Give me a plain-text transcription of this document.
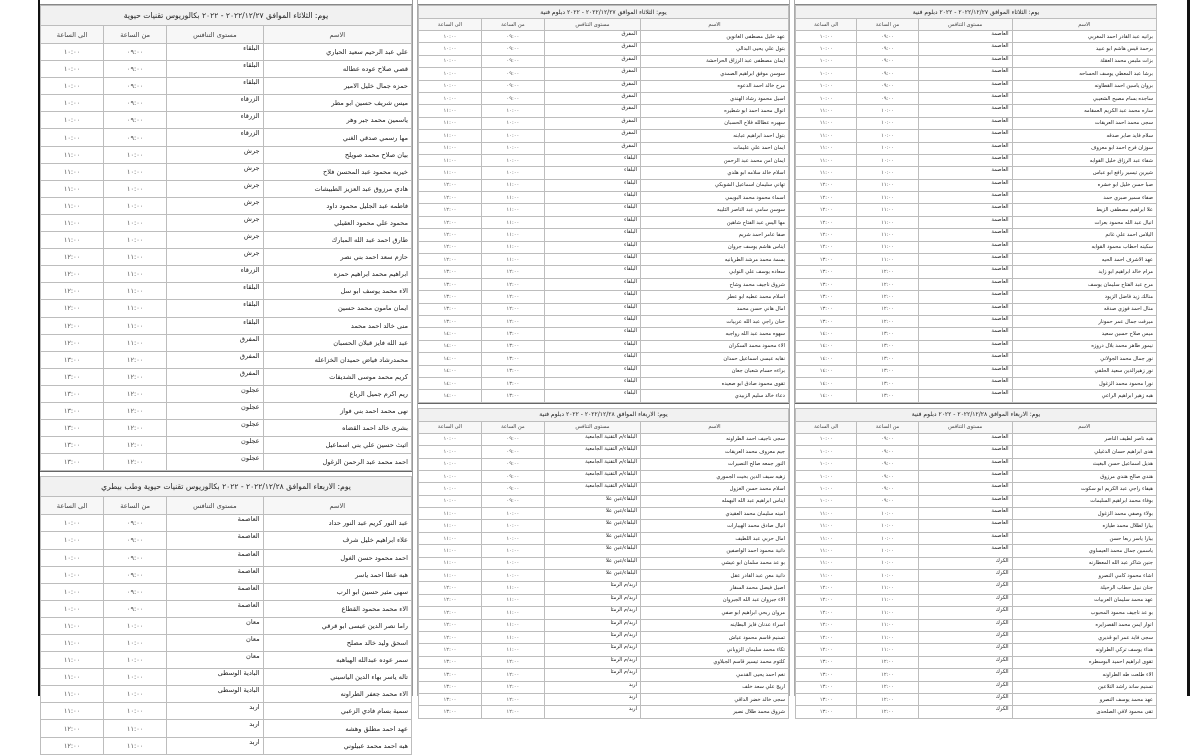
يوم: الثلاثاء الموافق ٢٠٢٢/١٢/٢٧ - ٢٠٢٢ بكالوريوس تقنيات حيوية			
الاسم	مستوى التنافس	من الساعة	الى الساعة
علي عبد الرحيم سعيد الحياري	البلقاء	٠٩:٠٠	١٠:٠٠
قصي صلاح عوده عطاله	البلقاء	٠٩:٠٠	١٠:٠٠
حمزه جمال خليل الامير	البلقاء	٠٩:٠٠	١٠:٠٠
ميس شريف حسين ابو مطر	الزرقاء	٠٩:٠٠	١٠:٠٠
ياسمين محمد جبر وهر	الزرقاء	٠٩:٠٠	١٠:٠٠
مها رسمي صدقي الغني	الزرقاء	٠٩:٠٠	١٠:٠٠
بيان صلاح محمد صويلح	جرش	١٠:٠٠	١١:٠٠
خيريه محمود عبد المحسن فلاح	جرش	١٠:٠٠	١١:٠٠
هادي مرزوق عبد العزيز الطبيشات	جرش	١٠:٠٠	١١:٠٠
فاطمه عبد الجليل محمود داود	جرش	١٠:٠٠	١١:٠٠
محمود علي محمود العقيلي	جرش	١٠:٠٠	١١:٠٠
طارق احمد عبد الله المبارك	جرش	١٠:٠٠	١١:٠٠
حازم سعد احمد بني نصر	جرش	١١:٠٠	١٢:٠٠
ابراهيم محمد ابراهيم حمزه	الزرقاء	١١:٠٠	١٢:٠٠
الاء محمد يوسف ابو سل	البلقاء	١١:٠٠	١٢:٠٠
ايمان مامون محمد حسين	البلقاء	١١:٠٠	١٢:٠٠
منى خالد احمد محمد	البلقاء	١١:٠٠	١٢:٠٠
عبد الله فايز قبلان الحسبان	المفرق	١١:٠٠	١٢:٠٠
محمدرشاد فياض حميدان الخزاعله	المفرق	١٢:٠٠	١٣:٠٠
كريم محمد موسى الشديفات	المفرق	١٢:٠٠	١٣:٠٠
ريم اكرم جميل الرباع	عجلون	١٢:٠٠	١٣:٠٠
نهى محمد احمد بني فواز	عجلون	١٢:٠٠	١٣:٠٠
بشرى خالد احمد القضاه	عجلون	١٢:٠٠	١٣:٠٠
اثيث حسين علي بني اسماعيل	عجلون	١٢:٠٠	١٣:٠٠
احمد محمد عبد الرحمن الزغول	عجلون	١٢:٠٠	١٣:٠٠
يوم: الاربعاء الموافق ٢٠٢٢/١٢/٢٨ - ٢٠٢٢ بكالوريوس تقنيات حيوية وطب بيطري			
الاسم	مستوى التنافس	من الساعة	الى الساعة
عبد النور كريم عبد النور حداد	العاصمة	٠٩:٠٠	١٠:٠٠
علاء ابراهيم خليل شرف	العاصمة	٠٩:٠٠	١٠:٠٠
احمد محمود حسن الغول	العاصمة	٠٩:٠٠	١٠:٠٠
هبه عطا احمد ياسر	العاصمة	٠٩:٠٠	١٠:٠٠
سهى مثير حسين ابو الرب	العاصمة	٠٩:٠٠	١٠:٠٠
الاء محمد محمود القطاع	العاصمة	٠٩:٠٠	١٠:٠٠
راما نصر الدين عيسى ابو قرقي	معان	١٠:٠٠	١١:٠٠
اسحق وليد خالد مصلح	معان	١٠:٠٠	١١:٠٠
سمر عوده عبدالله الهباهبه	معان	١٠:٠٠	١١:٠٠
تاله ياسر بهاء الدين الياسيني	البادية الوسطى	١٠:٠٠	١١:٠٠
الاء محمد جعفر الطراونه	البادية الوسطى	١٠:٠٠	١١:٠٠
سمية بسام فادي الزعبي	اربد	١٠:٠٠	١١:٠٠
عهد احمد مطلق وهشه	اربد	١١:٠٠	١٢:٠٠
هبه احمد محمد عبيلوني	اربد	١١:٠٠	١٢:٠٠
يوم: الثلاثاء الموافق ٢٠٢٢/١٢/٢٧ - ٢٠٢٢ دبلوم فنية			
الاسم	مستوى التنافس	من الساعة	الى الساعة
عهد خليل مصطفى الغانوين	المفرق	٠٩:٠٠	١٠:٠٠
بتول علي يحيى البدالي	المفرق	٠٩:٠٠	١٠:٠٠
ايمان مصطفى عبد الرزاق الحراحشة	المفرق	٠٩:٠٠	١٠:٠٠
سوسن موفق ابراهيم الصمدي	المفرق	٠٩:٠٠	١٠:٠٠
مرح خالد احمد الدعوه	المفرق	٠٩:٠٠	١٠:٠٠
اسيل محمود رشاد الهندي	المفرق	٠٩:٠٠	١٠:٠٠
انوال محمد احمد ابو شطيره	المفرق	١٠:٠٠	١١:٠٠
سهيره عطالله فلاح الحسبان	المفرق	١٠:٠٠	١١:٠٠
بتول احمد ابراهيم عبابنه	المفرق	١٠:٠٠	١١:٠٠
ايمان احمد علي عليمات	المفرق	١٠:٠٠	١١:٠٠
ايمان امن محمد عبد الرحمن	البلقاء	١٠:٠٠	١١:٠٠
اسلام خالد سلامه ابو هلدي	البلقاء	١٠:٠٠	١١:٠٠
تهاني سليمان اسماعيل الشوبكي	البلقاء	١١:٠٠	١٢:٠٠
اسماء محمود محمد البويمي	البلقاء	١١:٠٠	١٢:٠٠
سوسن سامي عبد الناصر الثليبه	البلقاء	١١:٠٠	١٢:٠٠
مها اليس عبد الفتاح شاهين	البلقاء	١١:٠٠	١٢:٠٠
صفا عامر احمد شريم	البلقاء	١١:٠٠	١٢:٠٠
ايناس هاشم يوسف جروان	البلقاء	١١:٠٠	١٢:٠٠
بسمة محمد مرشد الطريانيه	البلقاء	١١:٠٠	١٢:٠٠
سعاده يوسف علي النوابي	البلقاء	١٢:٠٠	١٣:٠٠
شروق ناجيف محمد وشاح	البلقاء	١٢:٠٠	١٣:٠٠
اسلام محمد عطيه ابو عطر	البلقاء	١٢:٠٠	١٣:٠٠
امال هاني حسن محمد	البلقاء	١٢:٠٠	١٣:٠٠
حنان راجي عبد الله عربيات	البلقاء	١٢:٠٠	١٣:٠٠
سهوه محمد عبد الله رواجبه	البلقاء	١٣:٠٠	١٤:٠٠
الاء محمود محمد السكران	البلقاء	١٣:٠٠	١٤:٠٠
نقابه عيسى اسماعيل حمدان	البلقاء	١٣:٠٠	١٤:٠٠
براءه حسام شعبان جعان	البلقاء	١٣:٠٠	١٤:٠٠
تقوى محمود صادق ابو صعيده	البلقاء	١٣:٠٠	١٤:٠٠
دعاء خالد سليم الزبيدي	البلقاء	١٣:٠٠	١٤:٠٠
يوم: الاربعاء الموافق ٢٠٢٢/١٢/٢٨ - ٢٠٢٢ دبلوم فنية			
الاسم	مستوى التنافس	من الساعة	الى الساعة
سجى ناجيف احمد الطراونه	البلقاء/م التقنية الجامعية	٠٩:٠٠	١٠:٠٠
جيم معروف محمد العريقات	البلقاء/م التقنية الجامعية	٠٩:٠٠	١٠:٠٠
النور جمعه صالح النصيرات	البلقاء/م التقنية الجامعية	٠٩:٠٠	١٠:٠٠
زهيه سيف الدين بخيت الجموري	البلقاء/م التقنية الجامعية	٠٩:٠٠	١٠:٠٠
اسلام محمد حسن الغزول	البلقاء/م التقنية الجامعية	٠٩:٠٠	١٠:٠٠
ايناس ابراهيم عبد الله البهمله	البلقاء/عين علا	٠٩:٠٠	١٠:٠٠
امينه سليمان محمد العقيدي	البلقاء/عين علا	١٠:٠٠	١١:٠٠
انيال صادق محمد الهيبارات	البلقاء/عين علا	١٠:٠٠	١١:٠٠
امال حربي عبد اللطيف	البلقاء/عين علا	١٠:٠٠	١١:٠٠
دانية محمود احمد الواصفين	البلقاء/عين علا	١٠:٠٠	١١:٠٠
بو عد محمد سلمان ابو عيشي	البلقاء/عين علا	١٠:٠٠	١١:٠٠
دانية معن عبد القادر عقل	البلقاء/عين علا	١٠:٠٠	١١:٠٠
اصيل فيصل محمد السقار	اربد/م الرمثا	١١:٠٠	١٢:٠٠
الاء جبروان عبد الله الجبروان	اربد/م الرمثا	١١:٠٠	١٢:٠٠
مروان ربحي ابراهيم ابو صفي	اربد/م الرمثا	١١:٠٠	١٢:٠٠
اسراء عدنان فايز البطاينه	اربد/م الرمثا	١١:٠٠	١٢:٠٠
تسنيم قاسم محمود عياش	اربد/م الرمثا	١١:٠٠	١٢:٠٠
تكاء محمد سليمان الزوباني	اربد/م الرمثا	١١:٠٠	١٢:٠٠
كلثوم محمد تيسير قاسم الجبلاوي	اربد/م الرمثا	١٢:٠٠	١٣:٠٠
نغم احمد يحيى القدمي	اربد/م الرمثا	١٢:٠٠	١٣:٠٠
اريج علي سعد خلف	اربد	١٢:٠٠	١٣:٠٠
سجى خالد خضر الداقي	اربد	١٢:٠٠	١٣:٠٠
شروق محمد طلال نصير	اربد	١٢:٠٠	١٣:٠٠
يوم: الثلاثاء الموافق ٢٠٢٢/١٢/٢٧ - ٢٠٢٢ دبلوم فنية			
الاسم	مستوى التنافس	من الساعة	الى الساعة
برانيه عبد القادر احمد المغربي	العاصمة	٠٩:٠٠	١٠:٠٠
برحمة قيس هاشم ابو عبيد	العاصمة	٠٩:٠٠	١٠:٠٠
بزات ملبس محمد العقلة	العاصمة	٠٩:٠٠	١٠:٠٠
برشا عبد المعطي يوسف الحساحه	العاصمة	٠٩:٠٠	١٠:٠٠
بروان ياسين احمد القطاونه	العاصمة	٠٩:٠٠	١٠:٠٠
ساجده بسام مصبح الشعيبي	العاصمة	٠٩:٠٠	١٠:٠٠
ساره محمد عبد الكريم العمقامه	العاصمة	١٠:٠٠	١١:٠٠
سجى محمد احمد العريقات	العاصمة	١٠:٠٠	١١:٠٠
سلام فايد صابر صدقه	العاصمة	١٠:٠٠	١١:٠٠
سوزان فرج احمد ابو معروف	العاصمة	١٠:٠٠	١١:٠٠
شفاء عبد الرزاق خليل القوابه	العاصمة	١٠:٠٠	١١:٠٠
شيرين تيسير رافع ابو عباس	العاصمة	١٠:٠٠	١١:٠٠
صبا حسن خليل ابو خشره	العاصمة	١١:٠٠	١٢:٠٠
صفاء سمير صبري حمد	العاصمة	١١:٠٠	١٢:٠٠
علا ابراهيم مصطفى الزيط	العاصمة	١١:٠٠	١٢:٠٠
انيال عبد الله محمود بعرات	العاصمة	١١:٠٠	١٢:٠٠
اليلاس احمد علي غانم	العاصمة	١١:٠٠	١٢:٠٠
سكينه احطاب محمود القوابه	العاصمة	١١:٠٠	١٢:٠٠
عهد الاشرف احمد الحيه	العاصمة	١١:٠٠	١٣:٠٠
مرام خالد ابراهيم ابو زايد	العاصمة	١٢:٠٠	١٣:٠٠
مرح عبد الفتاح سليمان يوسف	العاصمة	١٢:٠٠	١٣:٠٠
منالك زيد فاضل الزيود	العاصمة	١٢:٠٠	١٣:٠٠
منال احمد فوزي صدقه	العاصمة	١٢:٠٠	١٣:٠٠
ميرفت جمال عمر حمونار	العاصمة	١٢:٠٠	١٣:٠٠
ميس صلاح حسين سعيد	العاصمة	١٣:٠٠	١٤:٠٠
نيمور طاهر محمد بلال دروزه	العاصمة	١٣:٠٠	١٤:٠٠
نور جمال محمد الجولاني	العاصمة	١٣:٠٠	١٤:٠٠
نور زهيرالدين سعيد الحلفي	العاصمة	١٣:٠٠	١٤:٠٠
نورا محمود محمد الزغول	العاصمة	١٣:٠٠	١٤:٠٠
هبه زهير ابراهيم الراعي	العاصمة	١٣:٠٠	١٤:٠٠
يوم: الاربعاء الموافق ٢٠٢٢/١٢/٢٨ - ٢٠٢٢ دبلوم فنية			
الاسم	مستوى التنافس	من الساعة	الى الساعة
هبه ناصر لطيف الناصر	العاصمة	٠٩:٠٠	١٠:٠٠
هدى ابراهيم حسان الدغيلي	العاصمة	٠٩:٠٠	١٠:٠٠
هديل اسماعيل حسن البغيث	العاصمة	٠٩:٠٠	١٠:٠٠
هندي صالح هندي مرزوق	العاصمة	٠٩:٠٠	١٠:٠٠
هيفاء راجي عبد الكريم ابو سكوت	العاصمة	٠٩:٠٠	١٠:٠٠
بوفاء محمد ابراهيم السليمات	العاصمة	٠٩:٠٠	١٠:٠٠
بولاء وصفي محمد الزغول	العاصمة	١٠:٠٠	١١:٠٠
بيارا لطلال محمد طيازه	العاصمة	١٠:٠٠	١١:٠٠
بيارا ياسر ربعا حسن	العاصمة	١٠:٠٠	١١:٠٠
ياسمين جمال محمد العيساوي	العاصمة	١٠:٠٠	١١:٠٠
جنين شاكر عبد الله المعطارنه	الكرك	١٠:٠٠	١١:٠٠
اشاء محمود كامي النصرو	الكرك	١٠:٠٠	١١:٠٠
جنان نبيل حطاب الرحيلة	الكرك	١١:٠٠	١٢:٠٠
عهد محمد سليمان العربيات	الكرك	١١:٠٠	١٢:٠٠
بو عد ناجيف محمود المحبوب	الكرك	١١:٠٠	١٢:٠٠
انوار ايمن محمد القصرايره	الكرك	١١:٠٠	١٢:٠٠
سجى فايد عمر ابو قديري	الكرك	١١:٠٠	١٢:٠٠
هداء يوسف تركي الطراونه	الكرك	١١:٠٠	١٢:٠٠
تقوى ابراهيم احميد البوسطره	الكرك	١٢:٠٠	١٣:٠٠
الاء طلعت طه الطراونه	الكرك	١٢:٠٠	١٣:٠٠
تسنيم ساند راشد التلاعين	الكرك	١٢:٠٠	١٣:٠٠
عهد محمد يوسف النصرو	الكرك	١٢:٠٠	١٣:٠٠
تقى محمود لافي الصلحدى	الكرك	١٢:٠٠	١٣:٠٠
